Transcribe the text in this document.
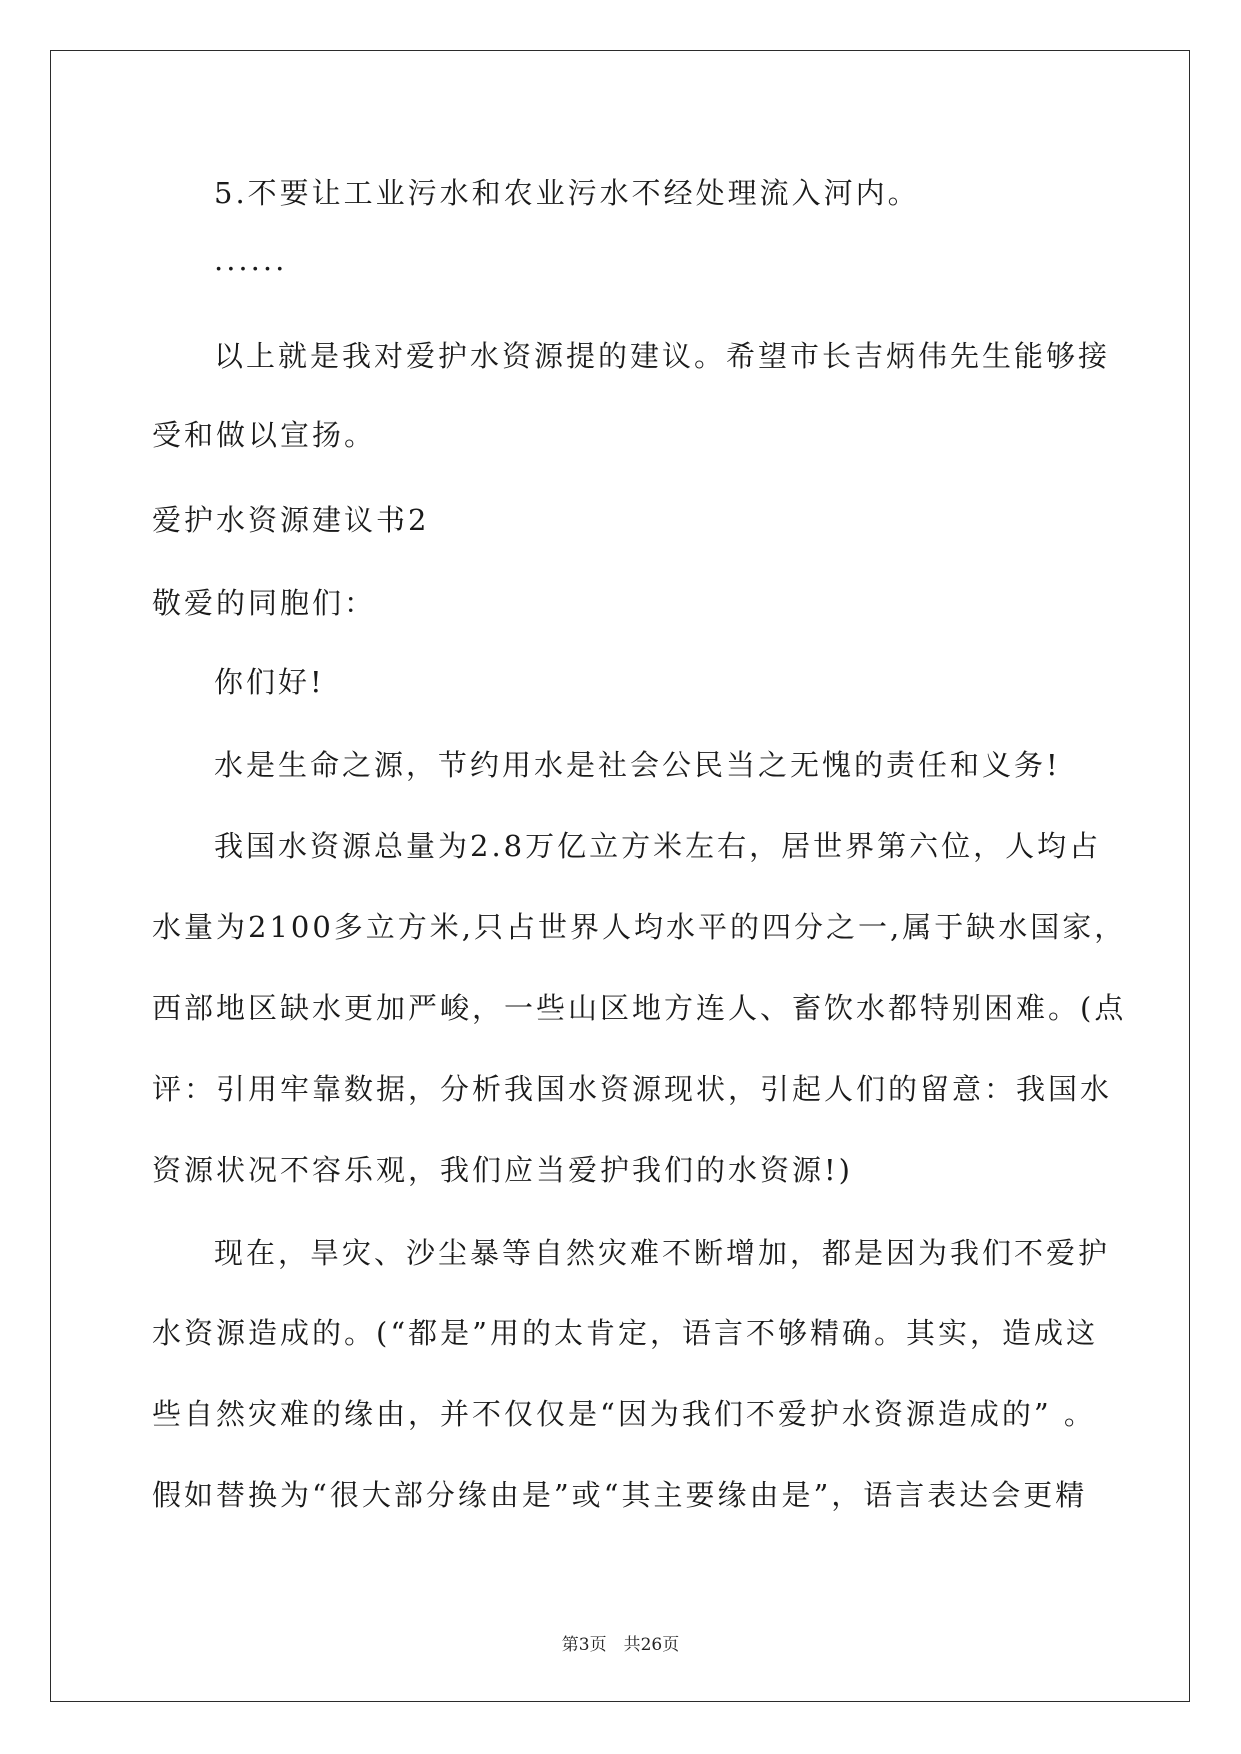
5.不要让工业污水和农业污水不经处理流入河内。
......
以上就是我对爱护水资源提的建议。希望市长吉炳伟先生能够接
受和做以宣扬。
爱护水资源建议书2
敬爱的同胞们：
你们好!
水是生命之源，节约用水是社会公民当之无愧的责任和义务!
我国水资源总量为2.8万亿立方米左右，居世界第六位，人均占
水量为2100多立方米,只占世界人均水平的四分之一,属于缺水国家，
西部地区缺水更加严峻，一些山区地方连人、畜饮水都特别困难。(点
评：引用牢靠数据，分析我国水资源现状，引起人们的留意：我国水
资源状况不容乐观，我们应当爱护我们的水资源!)
现在，旱灾、沙尘暴等自然灾难不断增加，都是因为我们不爱护
水资源造成的。(“都是”用的太肯定，语言不够精确。其实，造成这
些自然灾难的缘由，并不仅仅是“因为我们不爱护水资源造成的” 。
假如替换为“很大部分缘由是”或“其主要缘由是”，语言表达会更精
第3页　共26页
